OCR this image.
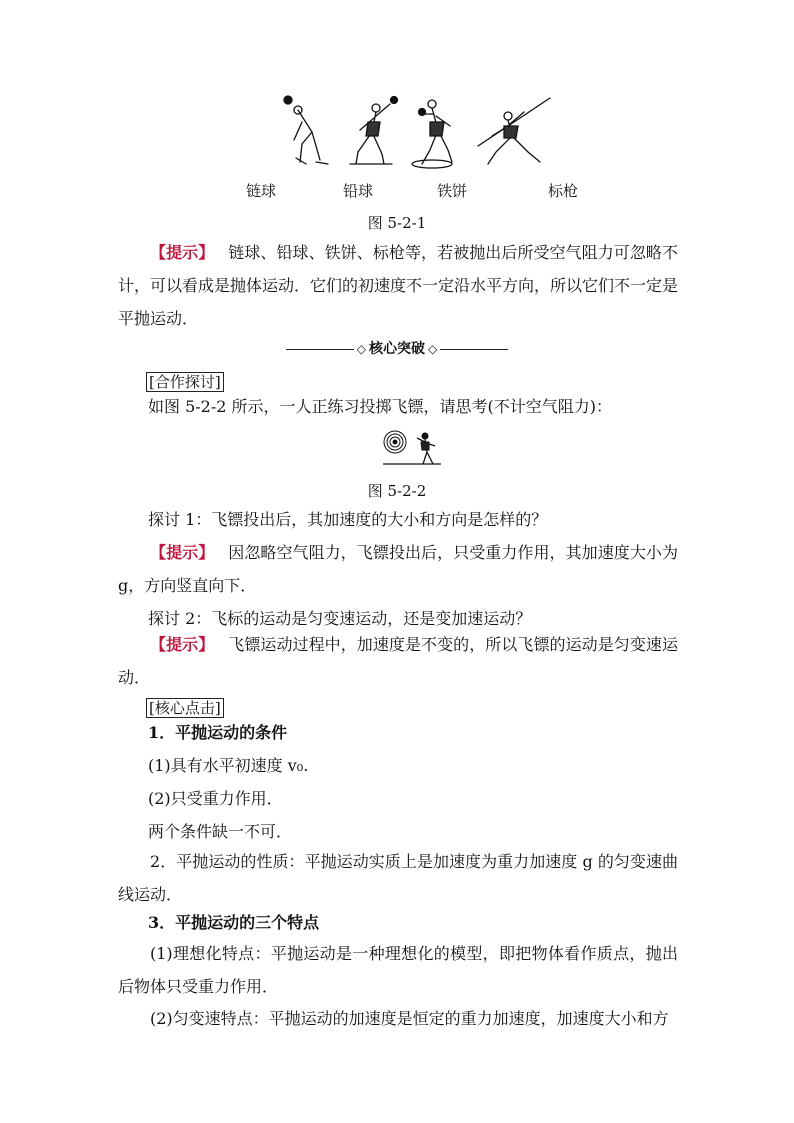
链球	铅球	铁饼	标枪
图 5-2-1
【提示】 链球、铅球、铁饼、标枪等，若被抛出后所受空气阻力可忽略不计，可以看成是抛体运动．它们的初速度不一定沿水平方向，所以它们不一定是平抛运动．
◇ 核心突破 ◇
[合作探讨]
如图 5-2-2 所示，一人正练习投掷飞镖，请思考(不计空气阻力)：
图 5-2-2
探讨 1：飞镖投出后，其加速度的大小和方向是怎样的？
【提示】 因忽略空气阻力，飞镖投出后，只受重力作用，其加速度大小为 g，方向竖直向下．
探讨 2：飞标的运动是匀变速运动，还是变加速运动？
【提示】 飞镖运动过程中，加速度是不变的，所以飞镖的运动是匀变速运动．
[核心点击]
1．平抛运动的条件
(1)具有水平初速度 v₀.
(2)只受重力作用．
两个条件缺一不可．
2．平抛运动的性质：平抛运动实质上是加速度为重力加速度 g 的匀变速曲线运动．
3．平抛运动的三个特点
(1)理想化特点：平抛运动是一种理想化的模型，即把物体看作质点，抛出后物体只受重力作用．
(2)匀变速特点：平抛运动的加速度是恒定的重力加速度，加速度大小和方
